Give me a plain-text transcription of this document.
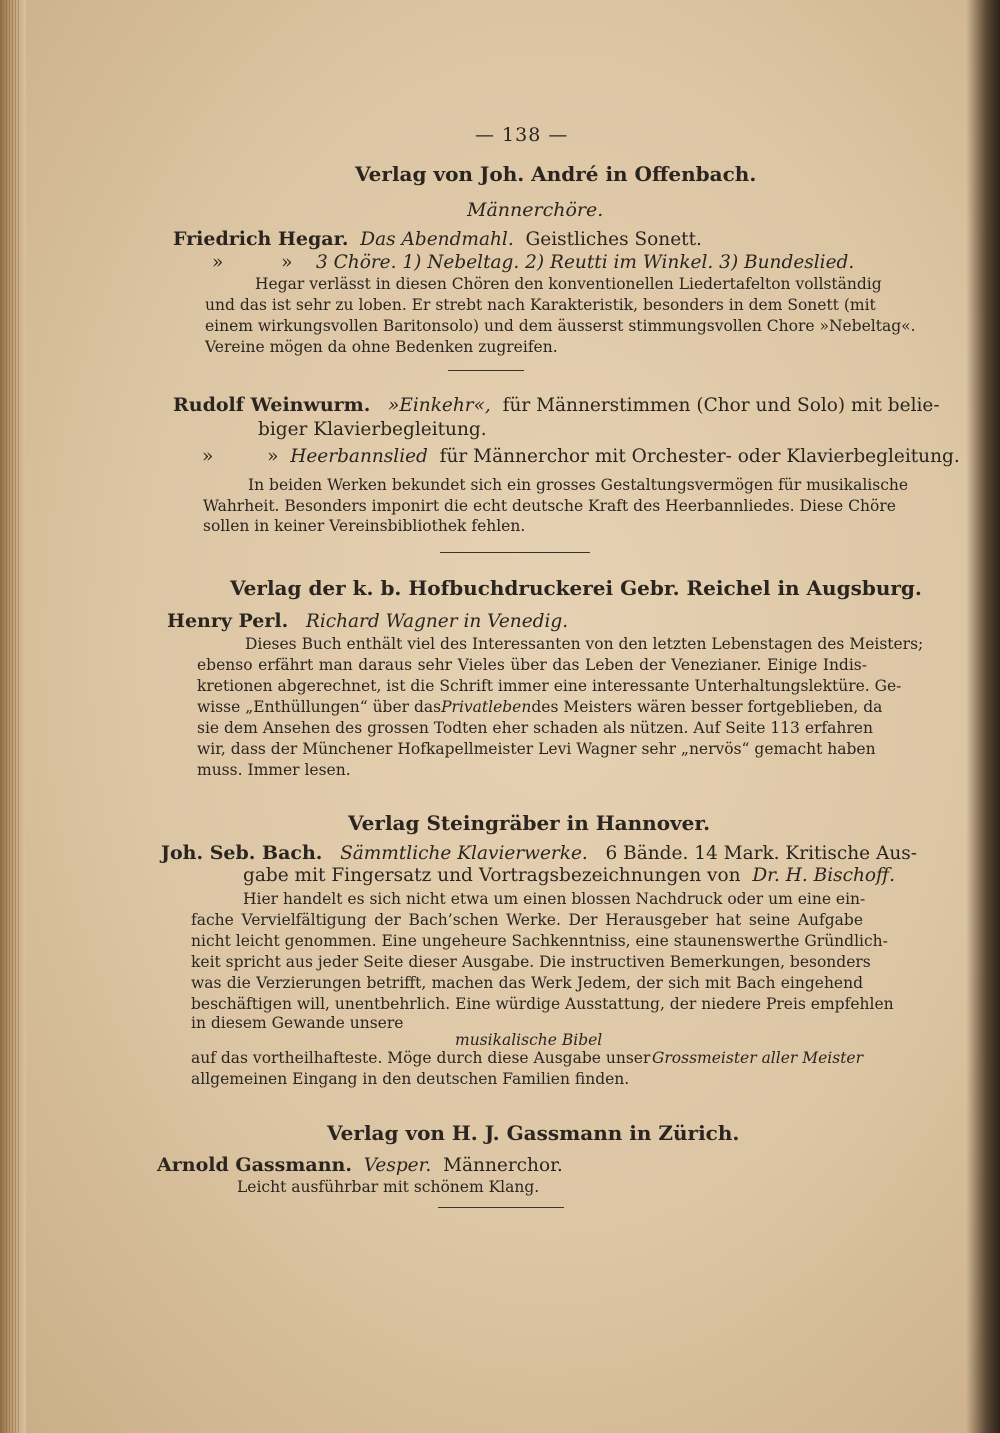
— 138 —
Verlag von Joh. André in Offenbach.
Männerchöre.
Friedrich Hegar. Das Abendmahl. Geistliches Sonett.
»	» 3 Chöre. 1) Nebeltag. 2) Reutti im Winkel. 3) Bundeslied.
Hegar verlässt in diesen Chören den konventionellen Liedertafelton vollständig
und das ist sehr zu loben. Er strebt nach Karakteristik, besonders in dem Sonett (mit
einem wirkungsvollen Baritonsolo) und dem äusserst stimmungsvollen Chore »Nebeltag«.
Vereine mögen da ohne Bedenken zugreifen.
Rudolf Weinwurm. »Einkehr«, für Männerstimmen (Chor und Solo) mit belie-
biger Klavierbegleitung.
»	» Heerbannslied für Männerchor mit Orchester- oder Klavierbegleitung.
In beiden Werken bekundet sich ein grosses Gestaltungsvermögen für musikalische
Wahrheit. Besonders imponirt die echt deutsche Kraft des Heerbannliedes. Diese Chöre
sollen in keiner Vereinsbibliothek fehlen.
Verlag der k. b. Hofbuchdruckerei Gebr. Reichel in Augsburg.
Henry Perl. Richard Wagner in Venedig.
Dieses Buch enthält viel des Interessanten von den letzten Lebenstagen des Meisters;
ebenso erfährt man daraus sehr Vieles über das Leben der Venezianer. Einige Indis-
kretionen abgerechnet, ist die Schrift immer eine interessante Unterhaltungslektüre. Ge-
wisse „Enthüllungen“ über das Privatleben des Meisters wären besser fortgeblieben, da
sie dem Ansehen des grossen Todten eher schaden als nützen. Auf Seite 113 erfahren
wir, dass der Münchener Hofkapellmeister Levi Wagner sehr „nervös“ gemacht haben
muss. Immer lesen.
Verlag Steingräber in Hannover.
Joh. Seb. Bach. Sämmtliche Klavierwerke. 6 Bände. 14 Mark. Kritische Aus-
gabe mit Fingersatz und Vortragsbezeichnungen von Dr. H. Bischoff.
Hier handelt es sich nicht etwa um einen blossen Nachdruck oder um eine ein-
fache Vervielfältigung der Bach’schen Werke. Der Herausgeber hat seine Aufgabe
nicht leicht genommen. Eine ungeheure Sachkenntniss, eine staunenswerthe Gründlich-
keit spricht aus jeder Seite dieser Ausgabe. Die instructiven Bemerkungen, besonders
was die Verzierungen betrifft, machen das Werk Jedem, der sich mit Bach eingehend
beschäftigen will, unentbehrlich. Eine würdige Ausstattung, der niedere Preis empfehlen
in diesem Gewande unsere
musikalische Bibel
auf das vortheilhafteste. Möge durch diese Ausgabe unser Grossmeister aller Meister
allgemeinen Eingang in den deutschen Familien finden.
Verlag von H. J. Gassmann in Zürich.
Arnold Gassmann. Vesper. Männerchor.
Leicht ausführbar mit schönem Klang.
